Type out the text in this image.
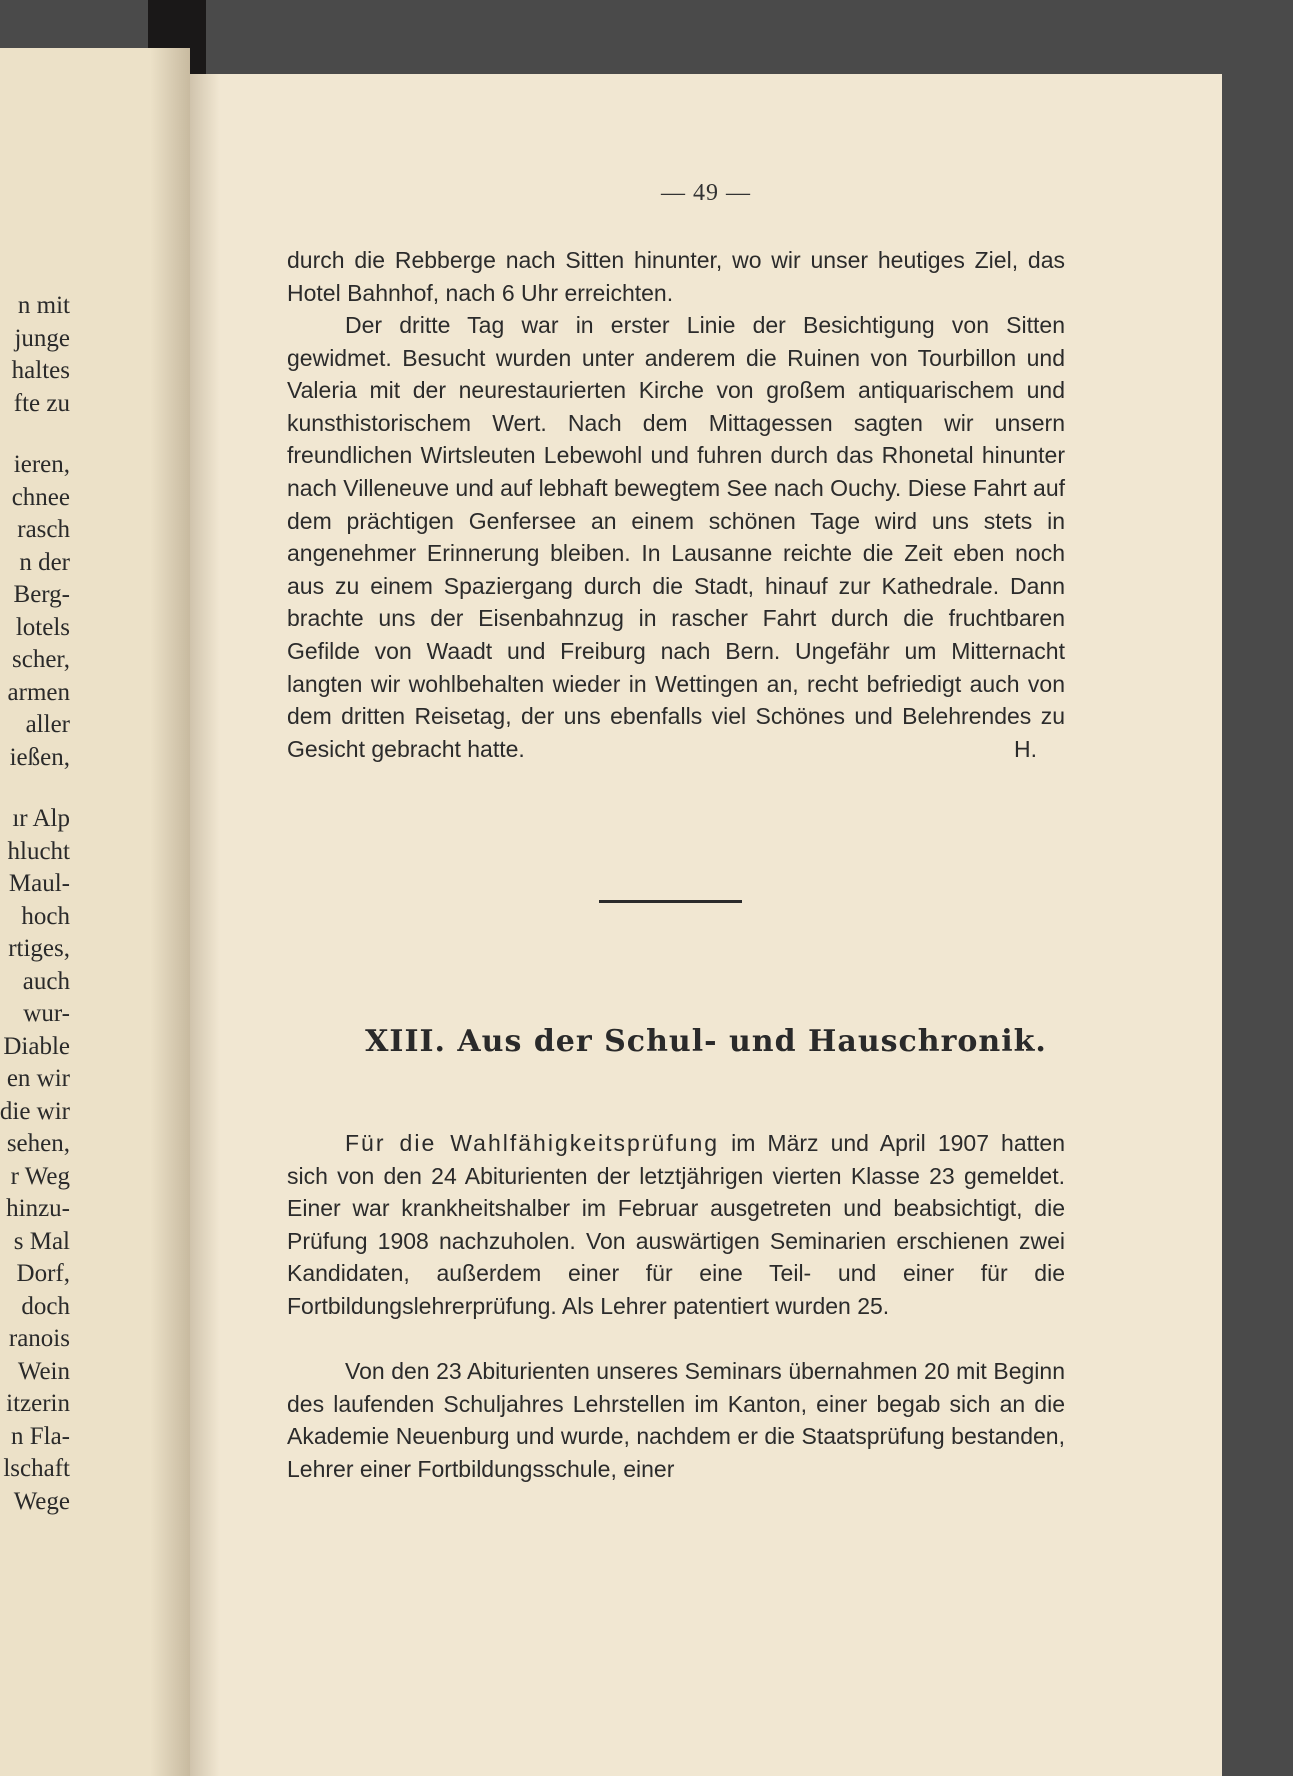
n mit
junge
haltes
fte zu
ieren,
chnee
rasch
n der
Berg-
lotels
scher,
armen
aller
ießen,
ır Alp
hlucht
Maul-
hoch
rtiges,
auch
wur-
Diable
en wir
die wir
sehen,
r Weg
hinzu-
s Mal
Dorf,
doch
ranois
Wein
itzerin
n Fla-
lschaft
Wege
— 49 —
durch die Rebberge nach Sitten hinunter, wo wir unser heutiges Ziel, das Hotel Bahnhof, nach 6 Uhr erreichten.
Der dritte Tag war in erster Linie der Besichtigung von Sitten gewidmet. Besucht wurden unter anderem die Ruinen von Tourbillon und Valeria mit der neurestaurierten Kirche von großem antiquarischem und kunsthistorischem Wert. Nach dem Mittagessen sagten wir unsern freundlichen Wirtsleuten Lebewohl und fuhren durch das Rhonetal hinunter nach Villeneuve und auf lebhaft bewegtem See nach Ouchy. Diese Fahrt auf dem prächtigen Genfersee an einem schönen Tage wird uns stets in angenehmer Erinnerung bleiben. In Lausanne reichte die Zeit eben noch aus zu einem Spaziergang durch die Stadt, hinauf zur Kathedrale. Dann brachte uns der Eisenbahnzug in rascher Fahrt durch die fruchtbaren Gefilde von Waadt und Freiburg nach Bern. Ungefähr um Mitternacht langten wir wohlbehalten wieder in Wettingen an, recht befriedigt auch von dem dritten Reisetag, der uns ebenfalls viel Schönes und Belehrendes zu Gesicht gebracht hatte.	H.
XIII. Aus der Schul- und Hauschronik.
Für die Wahlfähigkeitsprüfung im März und April 1907 hatten sich von den 24 Abiturienten der letztjährigen vierten Klasse 23 gemeldet. Einer war krankheitshalber im Februar ausgetreten und beabsichtigt, die Prüfung 1908 nachzuholen. Von auswärtigen Seminarien erschienen zwei Kandidaten, außerdem einer für eine Teil- und einer für die Fortbildungslehrerprüfung. Als Lehrer patentiert wurden 25.
Von den 23 Abiturienten unseres Seminars übernahmen 20 mit Beginn des laufenden Schuljahres Lehrstellen im Kanton, einer begab sich an die Akademie Neuenburg und wurde, nachdem er die Staatsprüfung bestanden, Lehrer einer Fortbildungsschule, einer
